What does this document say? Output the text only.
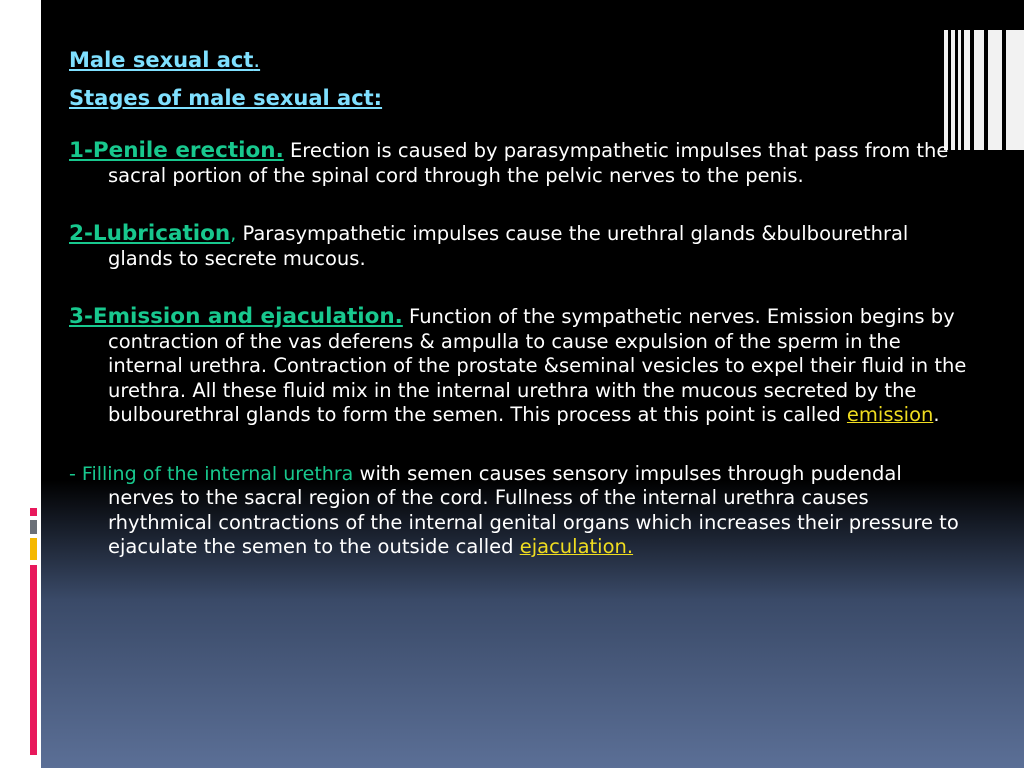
Male sexual act.
Stages of male sexual act:
1-Penile erection. Erection is caused by parasympathetic impulses that pass from the sacral portion of the spinal cord through the pelvic nerves to the penis.
2-Lubrication, Parasympathetic impulses cause the urethral glands &bulbourethral glands to secrete mucous.
3-Emission and ejaculation. Function of the sympathetic nerves. Emission begins by contraction of the vas deferens & ampulla to cause expulsion of the sperm in the internal urethra. Contraction of the prostate &seminal vesicles to expel their fluid in the urethra. All these fluid mix in the internal urethra with the mucous secreted by the bulbourethral glands to form the semen. This process at this point is called emission.
- Filling of the internal urethra with semen causes sensory impulses through pudendal nerves to the sacral region of the cord. Fullness of the internal urethra causes rhythmical contractions of the internal genital organs which increases their pressure to ejaculate the semen to the outside called ejaculation.
